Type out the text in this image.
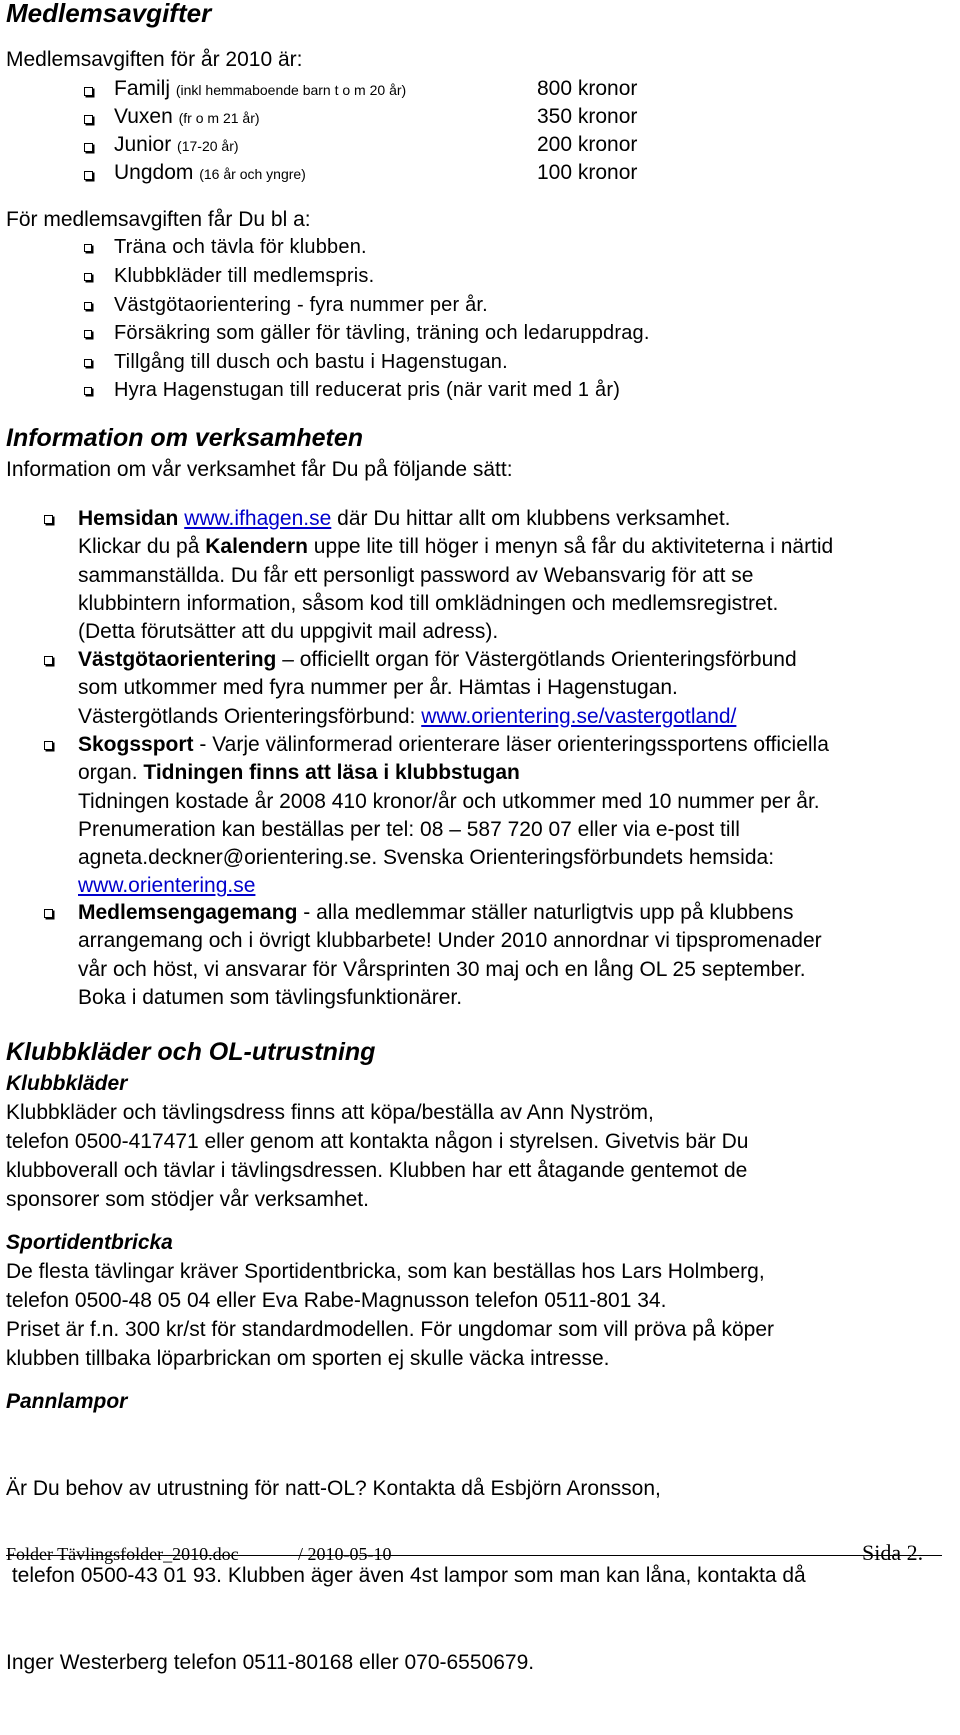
Medlemsavgifter
Medlemsavgiften för år 2010 är:
Familj (inkl hemmaboende barn t o m 20 år)	800 kronor
Vuxen (fr o m 21 år)	350 kronor
Junior (17-20 år)	200 kronor
Ungdom (16 år och yngre)	100 kronor
För medlemsavgiften får Du bl a:
Träna och tävla för klubben.
Klubbkläder till medlemspris.
Västgötaorientering - fyra nummer per år.
Försäkring som gäller för tävling, träning och ledaruppdrag.
Tillgång till dusch och bastu i Hagenstugan.
Hyra Hagenstugan till reducerat pris (när varit med 1 år)
Information om verksamheten
Information om vår verksamhet får Du på följande sätt:
Hemsidan www.ifhagen.se där Du hittar allt om klubbens verksamhet.
Klickar du på Kalendern uppe lite till höger i menyn så får du aktiviteterna i närtid
sammanställda. Du får ett personligt password av Webansvarig för att se
klubbintern information, såsom kod till omklädningen och medlemsregistret.
(Detta förutsätter att du uppgivit mail adress).
Västgötaorientering – officiellt organ för Västergötlands Orienteringsförbund
som utkommer med fyra nummer per år. Hämtas i Hagenstugan.
Västergötlands Orienteringsförbund: www.orientering.se/vastergotland/
Skogssport - Varje välinformerad orienterare läser orienteringssportens officiella
organ. Tidningen finns att läsa i klubbstugan
Tidningen kostade år 2008 410 kronor/år och utkommer med 10 nummer per år.
Prenumeration kan beställas per tel: 08 – 587 720 07 eller via e-post till
agneta.deckner@orientering.se. Svenska Orienteringsförbundets hemsida:
www.orientering.se
Medlemsengagemang - alla medlemmar ställer naturligtvis upp på klubbens
arrangemang och i övrigt klubbarbete! Under 2010 annordnar vi tipspromenader
vår och höst, vi ansvarar för Vårsprinten 30 maj och en lång OL 25 september.
Boka i datumen som tävlingsfunktionärer.
Klubbkläder och OL-utrustning
Klubbkläder
Klubbkläder och tävlingsdress finns att köpa/beställa av Ann Nyström,
telefon 0500-417471 eller genom att kontakta någon i styrelsen. Givetvis bär Du
klubboverall och tävlar i tävlingsdressen. Klubben har ett åtagande gentemot de
sponsorer som stödjer vår verksamhet.
Sportidentbricka
De flesta tävlingar kräver Sportidentbricka, som kan beställas hos Lars Holmberg,
telefon 0500-48 05 04 eller Eva Rabe-Magnusson telefon 0511-801 34.
Priset är f.n. 300 kr/st för standardmodellen. För ungdomar som vill pröva på köper
klubben tillbaka löparbrickan om sporten ej skulle väcka intresse.
Pannlampor

Är Du behov av utrustning för natt-OL? Kontakta då Esbjörn Aronsson,

telefon 0500-43 01 93. Klubben äger även 4st lampor som man kan låna, kontakta då

Inger Westerberg telefon 0511-80168 eller 070-6550679.

Folder Tävlingsfolder_2010.doc	/ 2010-05-10	Sida 2.
